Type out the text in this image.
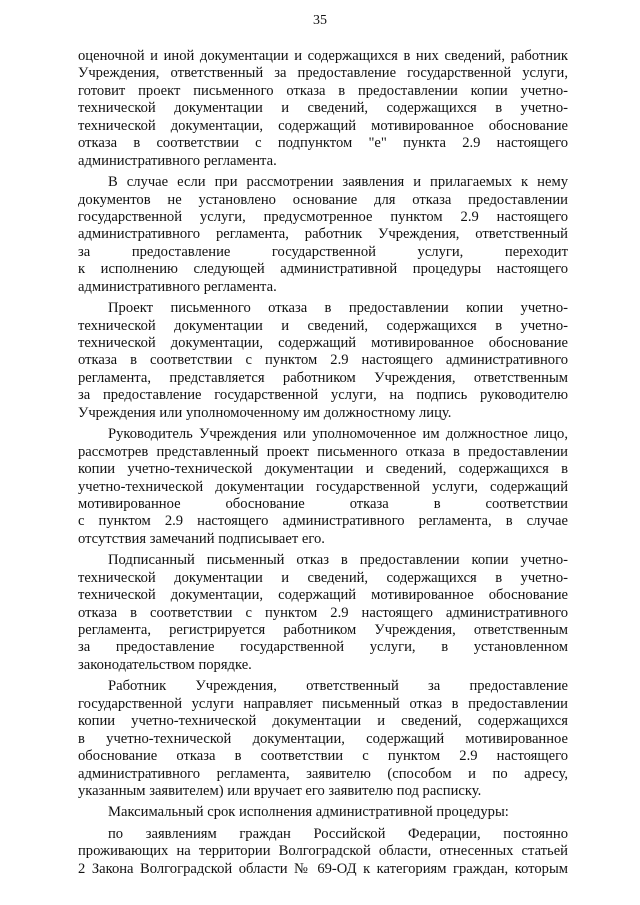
35
оценочной и иной документации и содержащихся в них сведений, работник
Учреждения, ответственный за предоставление государственной услуги,
готовит проект письменного отказа в предоставлении копии учетно-
технической документации и сведений, содержащихся в учетно-
технической документации, содержащий мотивированное обоснование
отказа в соответствии с подпунктом "е" пункта 2.9 настоящего
административного регламента.
В случае если при рассмотрении заявления и прилагаемых к нему
документов не установлено основание для отказа предоставлении
государственной услуги, предусмотренное пунктом 2.9 настоящего
административного регламента, работник Учреждения, ответственный
за предоставление государственной услуги, переходит
к исполнению следующей административной процедуры настоящего
административного регламента.
Проект письменного отказа в предоставлении копии учетно-
технической документации и сведений, содержащихся в учетно-
технической документации, содержащий мотивированное обоснование
отказа в соответствии с пунктом 2.9 настоящего административного
регламента, представляется работником Учреждения, ответственным
за предоставление государственной услуги, на подпись руководителю
Учреждения или уполномоченному им должностному лицу.
Руководитель Учреждения или уполномоченное им должностное лицо,
рассмотрев представленный проект письменного отказа в предоставлении
копии учетно-технической документации и сведений, содержащихся в
учетно-технической документации государственной услуги, содержащий
мотивированное обоснование отказа в соответствии
с пунктом 2.9 настоящего административного регламента, в случае
отсутствия замечаний подписывает его.
Подписанный письменный отказ в предоставлении копии учетно-
технической документации и сведений, содержащихся в учетно-
технической документации, содержащий мотивированное обоснование
отказа в соответствии с пунктом 2.9 настоящего административного
регламента, регистрируется работником Учреждения, ответственным
за предоставление государственной услуги, в установленном
законодательством порядке.
Работник Учреждения, ответственный за предоставление
государственной услуги направляет письменный отказ в предоставлении
копии учетно-технической документации и сведений, содержащихся
в учетно-технической документации, содержащий мотивированное
обоснование отказа в соответствии с пунктом 2.9 настоящего
административного регламента, заявителю (способом и по адресу,
указанным заявителем) или вручает его заявителю под расписку.
Максимальный срок исполнения административной процедуры:
по заявлениям граждан Российской Федерации, постоянно
проживающих на территории Волгоградской области, отнесенных статьей
2 Закона Волгоградской области № 69-ОД к категориям граждан, которым
